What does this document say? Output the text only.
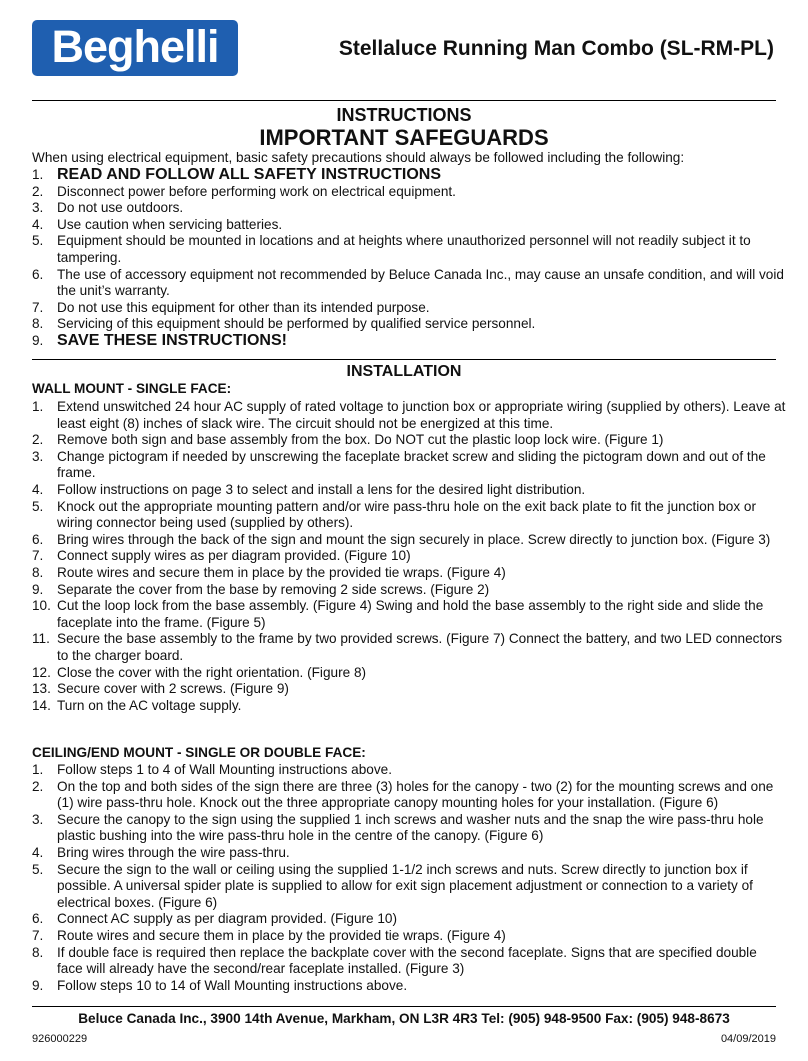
Beghelli	Stellaluce Running Man Combo (SL-RM-PL)
INSTRUCTIONS
IMPORTANT SAFEGUARDS
When using electrical equipment, basic safety precautions should always be followed including the following:
1. READ AND FOLLOW ALL SAFETY INSTRUCTIONS
2.	Disconnect power before performing work on electrical equipment.
3.	Do not use outdoors.
4.	Use caution when servicing batteries.
5.	Equipment should be mounted in locations and at heights where unauthorized personnel will not readily subject it to tampering.
6.	The use of accessory equipment not recommended by Beluce Canada Inc., may cause an unsafe condition, and will void the unit’s warranty.
7.	Do not use this equipment for other than its intended purpose.
8.	Servicing of this equipment should be performed by qualified service personnel.
9. SAVE THESE INSTRUCTIONS!
INSTALLATION
WALL MOUNT - SINGLE FACE:
1.	Extend unswitched 24 hour AC supply of rated voltage to junction box or appropriate wiring (supplied by others). Leave at least eight (8) inches of slack wire. The circuit should not be energized at this time.
2.	Remove both sign and base assembly from the box. Do NOT cut the plastic loop lock wire. (Figure 1)
3.	Change pictogram if needed by unscrewing the faceplate bracket screw and sliding the pictogram down and out of the frame.
4.	Follow instructions on page 3 to select and install a lens for the desired light distribution.
5.	Knock out the appropriate mounting pattern and/or wire pass-thru hole on the exit back plate to fit the junction box or wiring connector being used (supplied by others).
6.	Bring wires through the back of the sign and mount the sign securely in place. Screw directly to junction box. (Figure 3)
7.	Connect supply wires as per diagram provided. (Figure 10)
8.	Route wires and secure them in place by the provided tie wraps. (Figure 4)
9.	Separate the cover from the base by removing 2 side screws. (Figure 2)
10. Cut the loop lock from the base assembly. (Figure 4) Swing and hold the base assembly to the right side and slide the faceplate into the frame. (Figure 5)
11. Secure the base assembly to the frame by two provided screws. (Figure 7) Connect the battery, and two LED connectors to the charger board.
12. Close the cover with the right orientation. (Figure 8)
13. Secure cover with 2 screws. (Figure 9)
14. Turn on the AC voltage supply.
CEILING/END MOUNT - SINGLE OR DOUBLE FACE:
1.	Follow steps 1 to 4 of Wall Mounting instructions above.
2.	On the top and both sides of the sign there are three (3) holes for the canopy - two (2) for the mounting screws and one (1) wire pass-thru hole. Knock out the three appropriate canopy mounting holes for your installation. (Figure 6)
3.	Secure the canopy to the sign using the supplied 1 inch screws and washer nuts and the snap the wire pass-thru hole plastic bushing into the wire pass-thru hole in the centre of the canopy. (Figure 6)
4.	Bring wires through the wire pass-thru.
5.	Secure the sign to the wall or ceiling using the supplied 1-1/2 inch screws and nuts. Screw directly to junction box if possible. A universal spider plate is supplied to allow for exit sign placement adjustment or connection to a variety of electrical boxes. (Figure 6)
6.	Connect AC supply as per diagram provided. (Figure 10)
7.	Route wires and secure them in place by the provided tie wraps. (Figure 4)
8.	If double face is required then replace the backplate cover with the second faceplate. Signs that are specified double face will already have the second/rear faceplate installed. (Figure 3)
9.	Follow steps 10 to 14 of Wall Mounting instructions above.
Beluce Canada Inc., 3900 14th Avenue, Markham, ON L3R 4R3 Tel: (905) 948-9500 Fax: (905) 948-8673
926000229	04/09/2019
